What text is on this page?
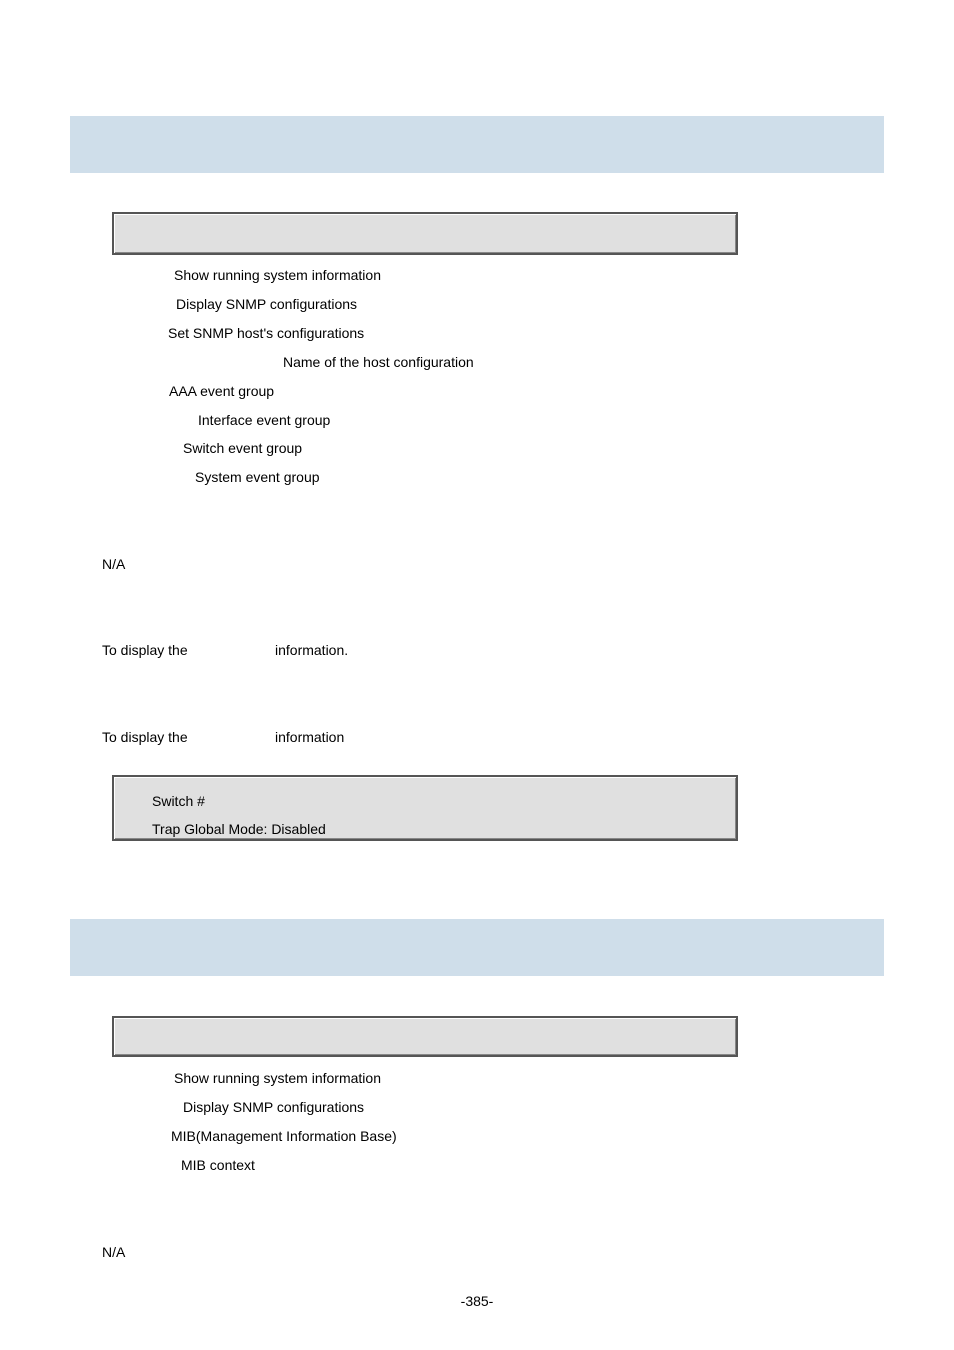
Show running system information
Display SNMP configurations
Set SNMP host's configurations
Name of the host configuration
AAA event group
Interface event group
Switch event group
System event group
N/A
To display the	information.
To display the	information
Switch #
Trap Global Mode: Disabled
Show running system information
Display SNMP configurations
MIB(Management Information Base)
MIB context
N/A
-385-
